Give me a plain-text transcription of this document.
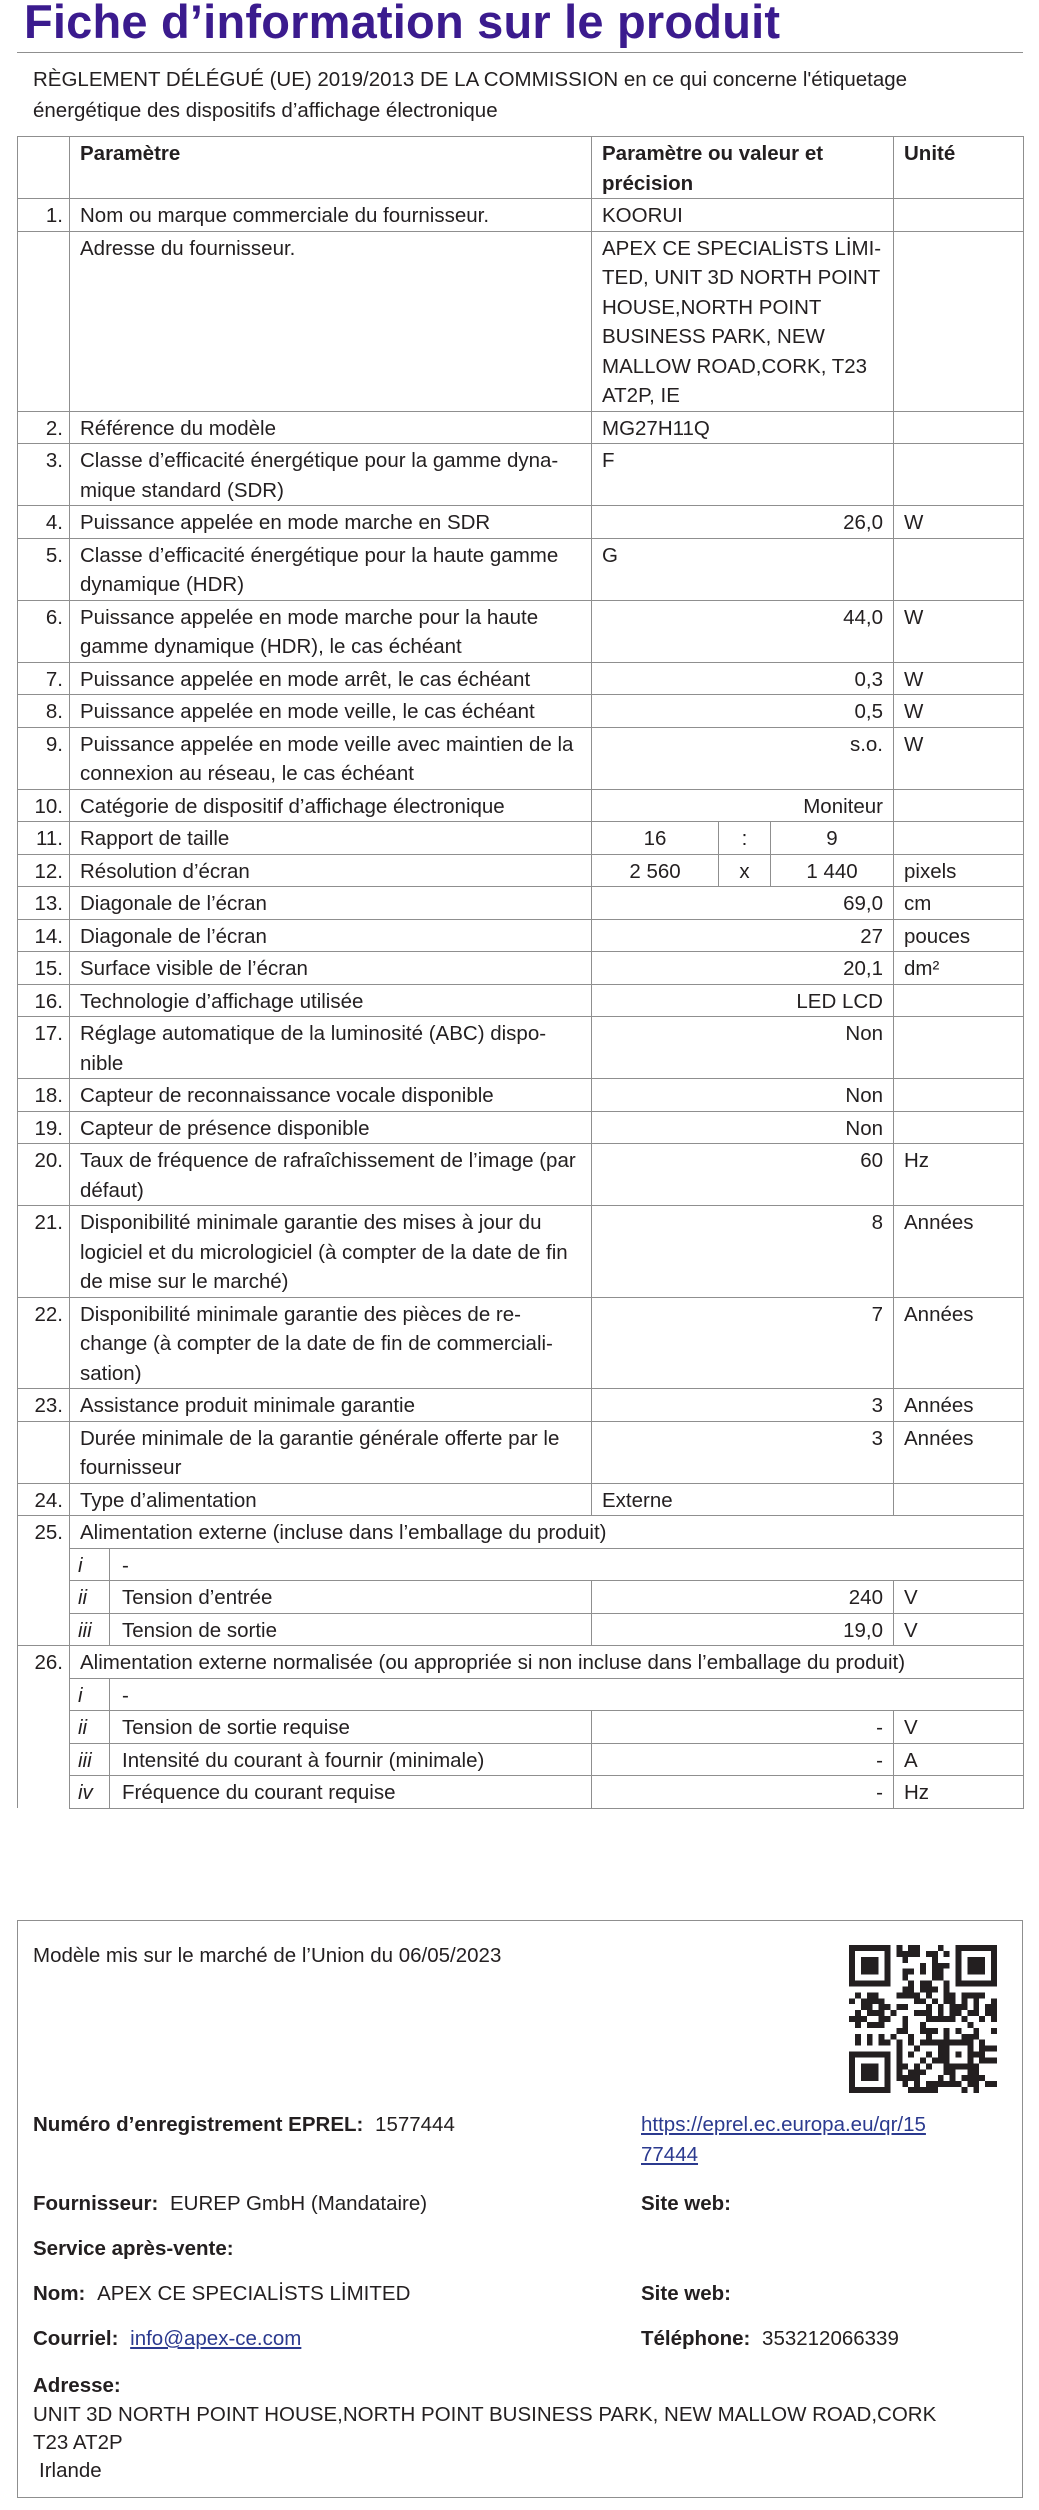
Fiche d’information sur le produit
RÈGLEMENT DÉLÉGUÉ (UE) 2019/2013 DE LA COMMISSION en ce qui concerne l'étiquetage énergétique des dispositifs d’affichage électronique
	Paramètre	Paramètre ou valeur et précision			Unité
1.	Nom ou marque commerciale du fournisseur.	KOORUI			
	Adresse du fournisseur.	APEX CE SPECIALİSTS LİMI-TED, UNIT 3D NORTH POINT HOUSE,NORTH POINT BUSINESS PARK, NEW MALLOW ROAD,CORK, T23 AT2P, IE			
2.	Référence du modèle	MG27H11Q			
3.	Classe d’efficacité énergétique pour la gamme dyna-mique standard (SDR)	F			
4.	Puissance appelée en mode marche en SDR	26,0			W
5.	Classe d’efficacité énergétique pour la haute gamme dynamique (HDR)	G			
6.	Puissance appelée en mode marche pour la haute gamme dynamique (HDR), le cas échéant	44,0			W
7.	Puissance appelée en mode arrêt, le cas échéant	0,3			W
8.	Puissance appelée en mode veille, le cas échéant	0,5			W
9.	Puissance appelée en mode veille avec maintien de la connexion au réseau, le cas échéant	s.o.			W
10.	Catégorie de dispositif d’affichage électronique	Moniteur			
11.	Rapport de taille	16	:	9	
12.	Résolution d’écran	2 560	x	1 440	pixels
13.	Diagonale de l’écran	69,0			cm
14.	Diagonale de l’écran	27			pouces
15.	Surface visible de l’écran	20,1			dm²
16.	Technologie d’affichage utilisée	LED LCD			
17.	Réglage automatique de la luminosité (ABC) dispo-nible	Non			
18.	Capteur de reconnaissance vocale disponible	Non			
19.	Capteur de présence disponible	Non			
20.	Taux de fréquence de rafraîchissement de l’image (par défaut)	60			Hz
21.	Disponibilité minimale garantie des mises à jour du logiciel et du micrologiciel (à compter de la date de fin de mise sur le marché)	8			Années
22.	Disponibilité minimale garantie des pièces de re-change (à compter de la date de fin de commerciali-sation)	7			Années
23.	Assistance produit minimale garantie	3			Années
	Durée minimale de la garantie générale offerte par le fournisseur	3			Années
24.	Type d’alimentation	Externe			
25.	Alimentation externe (incluse dans l’emballage du produit)				

	i -				

	ii Tension d’entrée	240			V

	iii Tension de sortie	19,0			V
26.	Alimentation externe normalisée (ou appropriée si non incluse dans l’emballage du produit)				

	i -				

	ii Tension de sortie requise	-			V

	iii Intensité du courant à fournir (minimale)	-			A

	iv Fréquence du courant requise	-			Hz
Modèle mis sur le marché de l’Union du 06/05/2023
Numéro d’enregistrement EPREL: 1577444	https://eprel.ec.europa.eu/qr/15
77444
Fournisseur: EUREP GmbH (Mandataire)	Site web:
Service après-vente:
Nom: APEX CE SPECIALİSTS LİMITED	Site web:
Courriel: info@apex-ce.com	Téléphone: 353212066339
Adresse:
UNIT 3D NORTH POINT HOUSE,NORTH POINT BUSINESS PARK, NEW MALLOW ROAD,CORK
T23 AT2P
Irlande
